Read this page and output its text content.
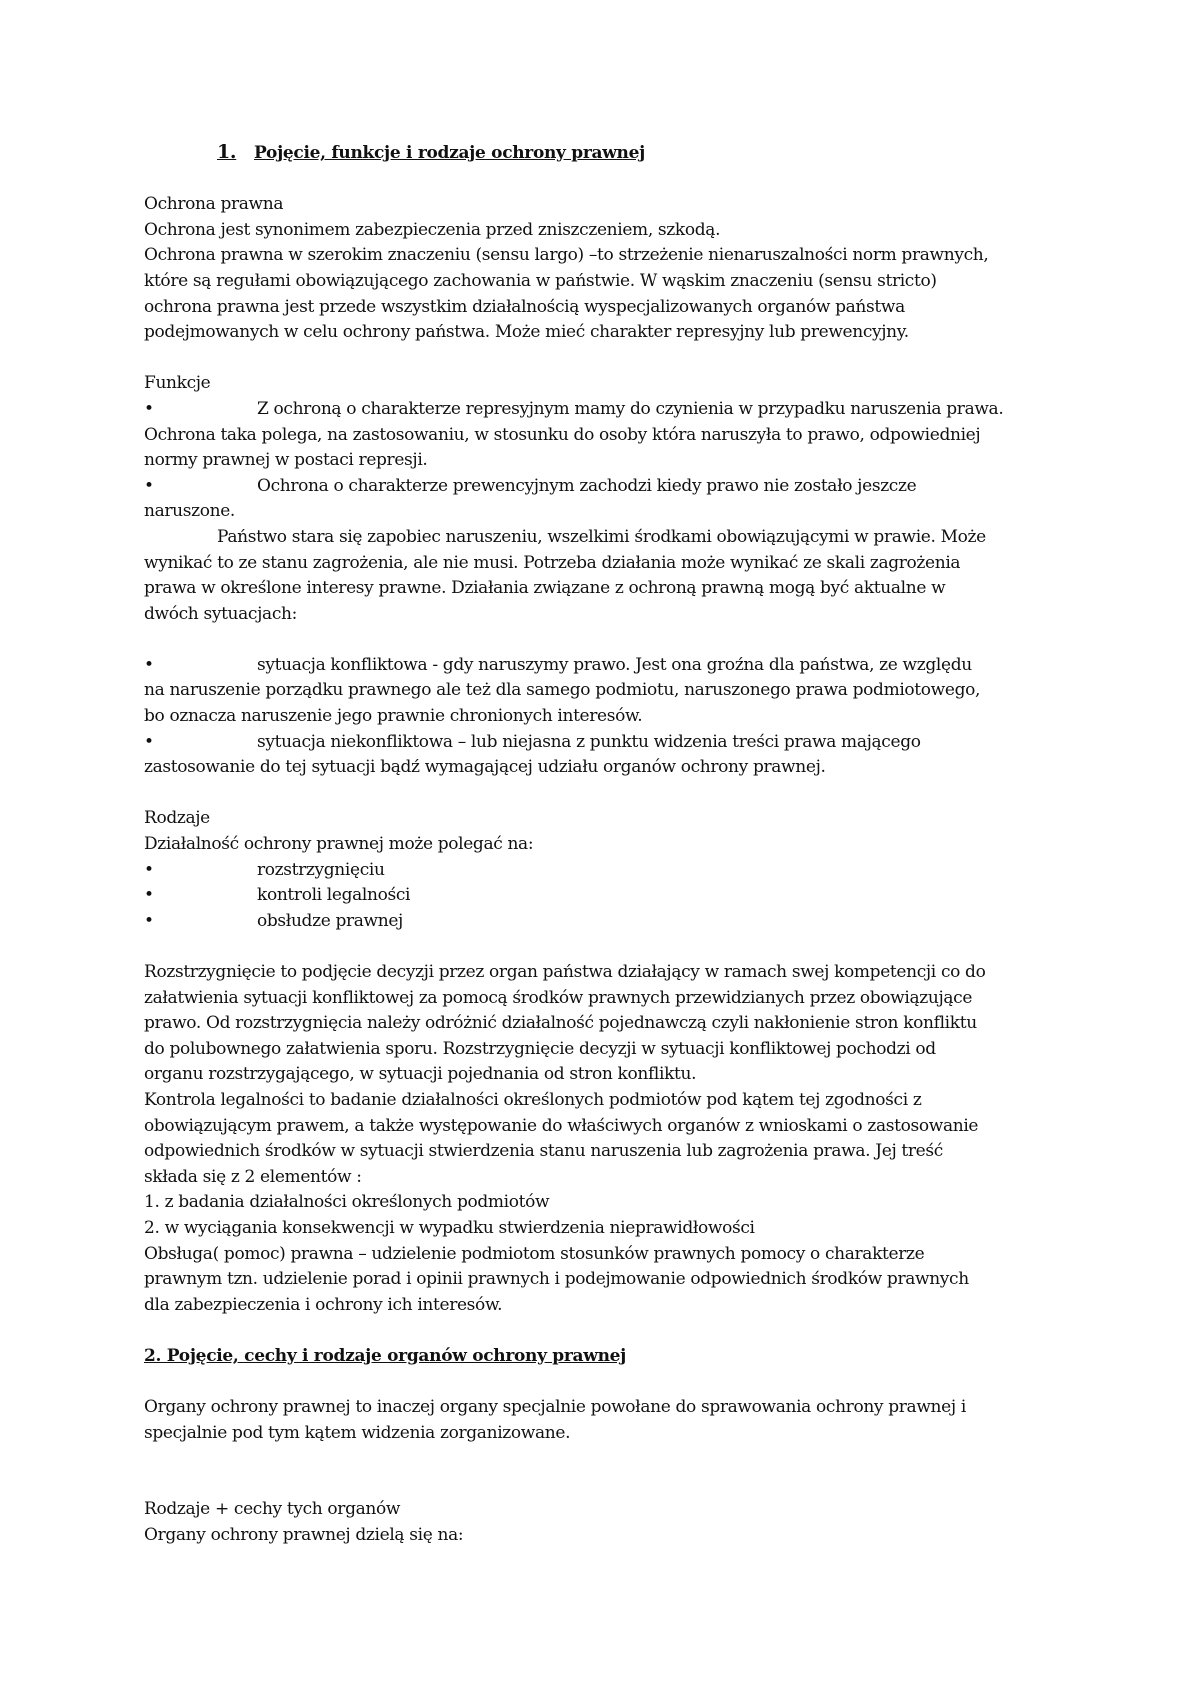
1. Pojęcie, funkcje i rodzaje ochrony prawnej
Ochrona prawna
Ochrona jest synonimem zabezpieczenia przed zniszczeniem, szkodą.
Ochrona prawna w szerokim znaczeniu (sensu largo) –to strzeżenie nienaruszalności norm prawnych,
które są regułami obowiązującego zachowania w państwie. W wąskim znaczeniu (sensu stricto)
ochrona prawna jest przede wszystkim działalnością wyspecjalizowanych organów państwa
podejmowanych w celu ochrony państwa. Może mieć charakter represyjny lub prewencyjny.
Funkcje
•	Z ochroną o charakterze represyjnym mamy do czynienia w przypadku naruszenia prawa.
Ochrona taka polega, na zastosowaniu, w stosunku do osoby która naruszyła to prawo, odpowiedniej
normy prawnej w postaci represji.
•	Ochrona o charakterze prewencyjnym zachodzi kiedy prawo nie zostało jeszcze
naruszone.
Państwo stara się zapobiec naruszeniu, wszelkimi środkami obowiązującymi w prawie. Może
wynikać to ze stanu zagrożenia, ale nie musi. Potrzeba działania może wynikać ze skali zagrożenia
prawa w określone interesy prawne. Działania związane z ochroną prawną mogą być aktualne w
dwóch sytuacjach:
•	sytuacja konfliktowa - gdy naruszymy prawo. Jest ona groźna dla państwa, ze względu
na naruszenie porządku prawnego ale też dla samego podmiotu, naruszonego prawa podmiotowego,
bo oznacza naruszenie jego prawnie chronionych interesów.
•	sytuacja niekonfliktowa – lub niejasna z punktu widzenia treści prawa mającego
zastosowanie do tej sytuacji bądź wymagającej udziału organów ochrony prawnej.
Rodzaje
Działalność ochrony prawnej może polegać na:
•	rozstrzygnięciu
•	kontroli legalności
•	obsłudze prawnej
Rozstrzygnięcie to podjęcie decyzji przez organ państwa działający w ramach swej kompetencji co do
załatwienia sytuacji konfliktowej za pomocą środków prawnych przewidzianych przez obowiązujące
prawo. Od rozstrzygnięcia należy odróżnić działalność pojednawczą czyli nakłonienie stron konfliktu
do polubownego załatwienia sporu. Rozstrzygnięcie decyzji w sytuacji konfliktowej pochodzi od
organu rozstrzygającego, w sytuacji pojednania od stron konfliktu.
Kontrola legalności to badanie działalności określonych podmiotów pod kątem tej zgodności z
obowiązującym prawem, a także występowanie do właściwych organów z wnioskami o zastosowanie
odpowiednich środków w sytuacji stwierdzenia stanu naruszenia lub zagrożenia prawa. Jej treść
składa się z 2 elementów :
1. z badania działalności określonych podmiotów
2. w wyciągania konsekwencji w wypadku stwierdzenia nieprawidłowości
Obsługa( pomoc) prawna – udzielenie podmiotom stosunków prawnych pomocy o charakterze
prawnym tzn. udzielenie porad i opinii prawnych i podejmowanie odpowiednich środków prawnych
dla zabezpieczenia i ochrony ich interesów.
2. Pojęcie, cechy i rodzaje organów ochrony prawnej
Organy ochrony prawnej to inaczej organy specjalnie powołane do sprawowania ochrony prawnej i
specjalnie pod tym kątem widzenia zorganizowane.
Rodzaje + cechy tych organów
Organy ochrony prawnej dzielą się na:
